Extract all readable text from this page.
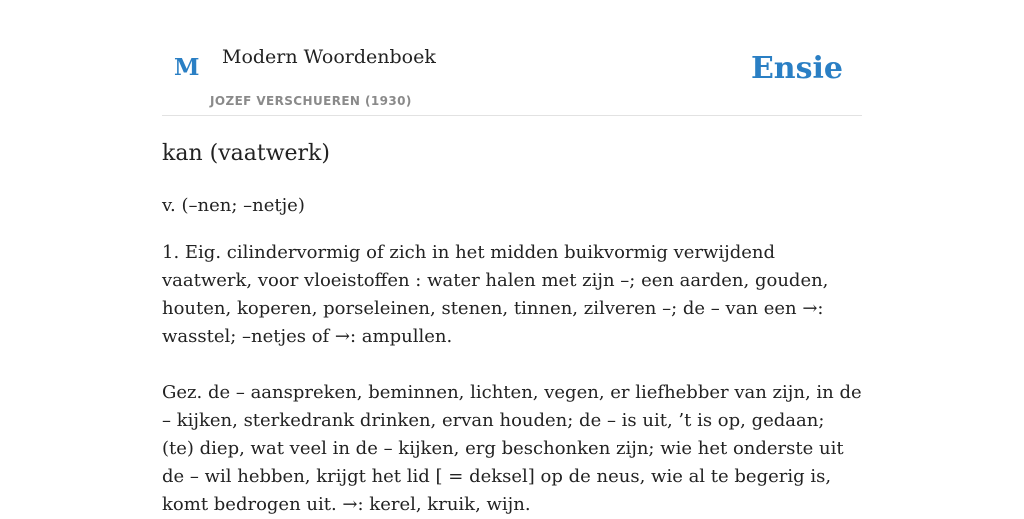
M Modern Woordenboek
JOZEF VERSCHUEREN (1930)
Ensie
kan (vaatwerk)
v. (–nen; –netje)

1. Eig. cilindervormig of zich in het midden buikvormig verwijdend vaatwerk, voor vloeistoffen : water halen met zijn –; een aarden, gouden, houten, koperen, porseleinen, stenen, tinnen, zilveren –; de – van een →: wasstel; –netjes of →: ampullen.

Gez. de – aanspreken, beminnen, lichten, vegen, er liefhebber van zijn, in de – kijken, sterkedrank drinken, ervan houden; de – is uit, ’t is op, gedaan; (te) diep, wat veel in de – kijken, erg beschonken zijn; wie het onderste uit de – wil hebben, krijgt het lid [ = deksel] op de neus, wie al te begerig is, komt bedrogen uit. →: kerel, kruik, wijn.
